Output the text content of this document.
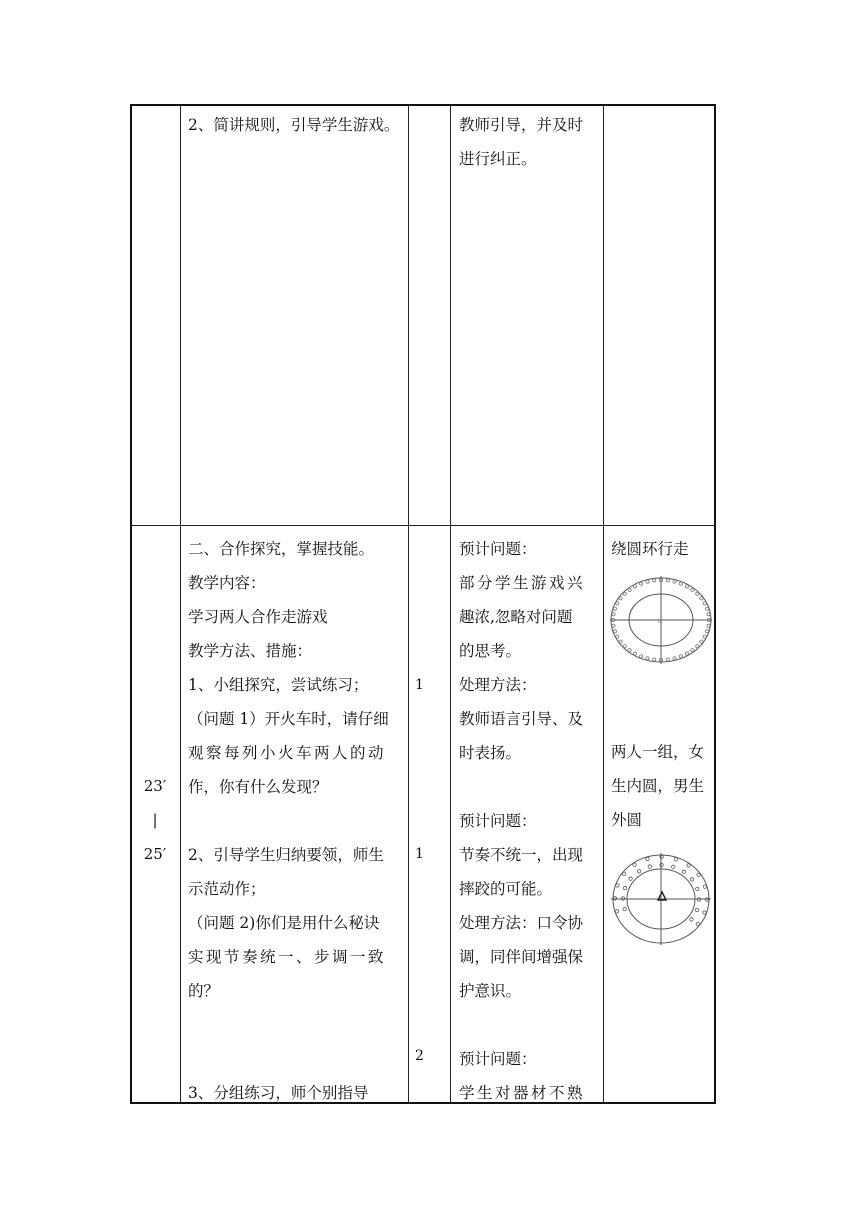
2、简讲规则，引导学生游戏。	教师引导，并及时
进行纠正。
23′
|
25′
二、合作探究，掌握技能。
教学内容：
学习两人合作走游戏
教学方法、措施：
1、小组探究，尝试练习；
（问题 1）开火车时，请仔细
观察每列小火车两人的动
作，你有什么发现？
2、引导学生归纳要领，师生
示范动作；
（问题 2)你们是用什么秘诀
实现节奏统一、步调一致
的？
3、分组练习，师个别指导
1
1
2
预计问题：
部分学生游戏兴
趣浓,忽略对问题
的思考。
处理方法：
教师语言引导、及
时表扬。
预计问题：
节奏不统一，出现
摔跤的可能。
处理方法：口令协
调，同伴间增强保
护意识。
预计问题：
学生对器材不熟
绕圆环行走
两人一组，女
生内圆，男生
外圆
b.
